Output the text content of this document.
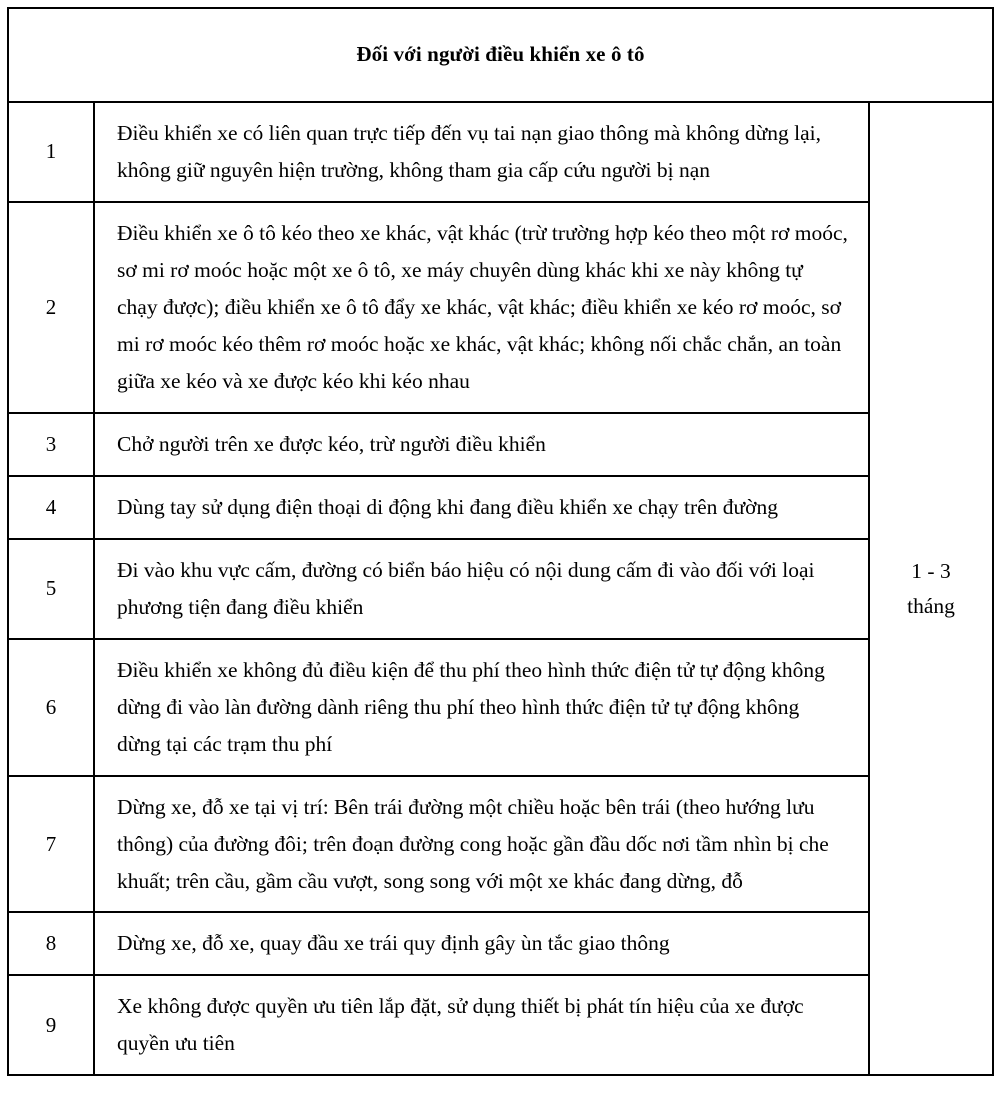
Đối với người điều khiển xe ô tô		
1	Điều khiển xe có liên quan trực tiếp đến vụ tai nạn giao thông mà không dừng lại, không giữ nguyên hiện trường, không tham gia cấp cứu người bị nạn	1 - 3
tháng

2	Điều khiển xe ô tô kéo theo xe khác, vật khác (trừ trường hợp kéo theo một rơ moóc, sơ mi rơ moóc hoặc một xe ô tô, xe máy chuyên dùng khác khi xe này không tự chạy được); điều khiển xe ô tô đẩy xe khác, vật khác; điều khiển xe kéo rơ moóc, sơ mi rơ moóc kéo thêm rơ moóc hoặc xe khác, vật khác; không nối chắc chắn, an toàn giữa xe kéo và xe được kéo khi kéo nhau	
3	Chở người trên xe được kéo, trừ người điều khiển	
4	Dùng tay sử dụng điện thoại di động khi đang điều khiển xe chạy trên đường	
5	Đi vào khu vực cấm, đường có biển báo hiệu có nội dung cấm đi vào đối với loại phương tiện đang điều khiển	
6	Điều khiển xe không đủ điều kiện để thu phí theo hình thức điện tử tự động không dừng đi vào làn đường dành riêng thu phí theo hình thức điện tử tự động không dừng tại các trạm thu phí	
7	Dừng xe, đỗ xe tại vị trí: Bên trái đường một chiều hoặc bên trái (theo hướng lưu thông) của đường đôi; trên đoạn đường cong hoặc gần đầu dốc nơi tầm nhìn bị che khuất; trên cầu, gầm cầu vượt, song song với một xe khác đang dừng, đỗ	
8	Dừng xe, đỗ xe, quay đầu xe trái quy định gây ùn tắc giao thông	
9	Xe không được quyền ưu tiên lắp đặt, sử dụng thiết bị phát tín hiệu của xe được quyền ưu tiên	
